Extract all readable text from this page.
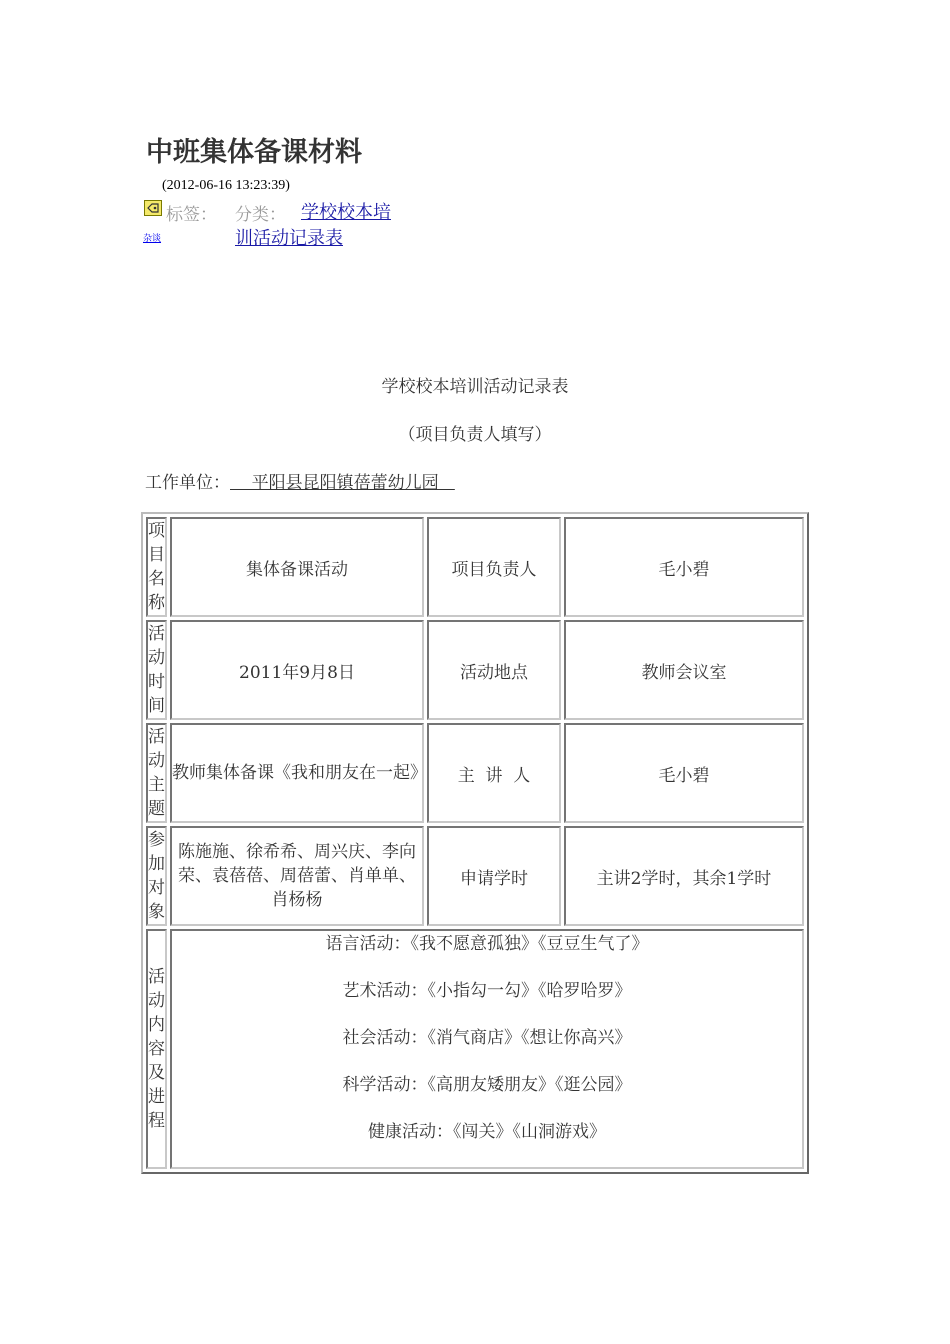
中班集体备课材料
(2012-06-16 13:23:39)
标签：
杂谈
分类： 学校校本培训活动记录表
学校校本培训活动记录表
（项目负责人填写）
工作单位：    平阳县昆阳镇蓓蕾幼儿园
项目名称	集体备课活动	项目负责人	毛小碧
活动时间	2011年9月8日	活动地点	教师会议室
活动主题	教师集体备课《我和朋友在一起》	主  讲  人	毛小碧
参加对象	陈施施、徐希希、周兴庆、李向荣、袁蓓蓓、周蓓蕾、肖单单、肖杨杨	申请学时	主讲2学时，其余1学时
活动内容及进程	语言活动：《我不愿意孤独》《豆豆生气了》
艺术活动：《小指勾一勾》《哈罗哈罗》
社会活动：《消气商店》《想让你高兴》
科学活动：《高朋友矮朋友》《逛公园》
健康活动：《闯关》《山洞游戏》		
